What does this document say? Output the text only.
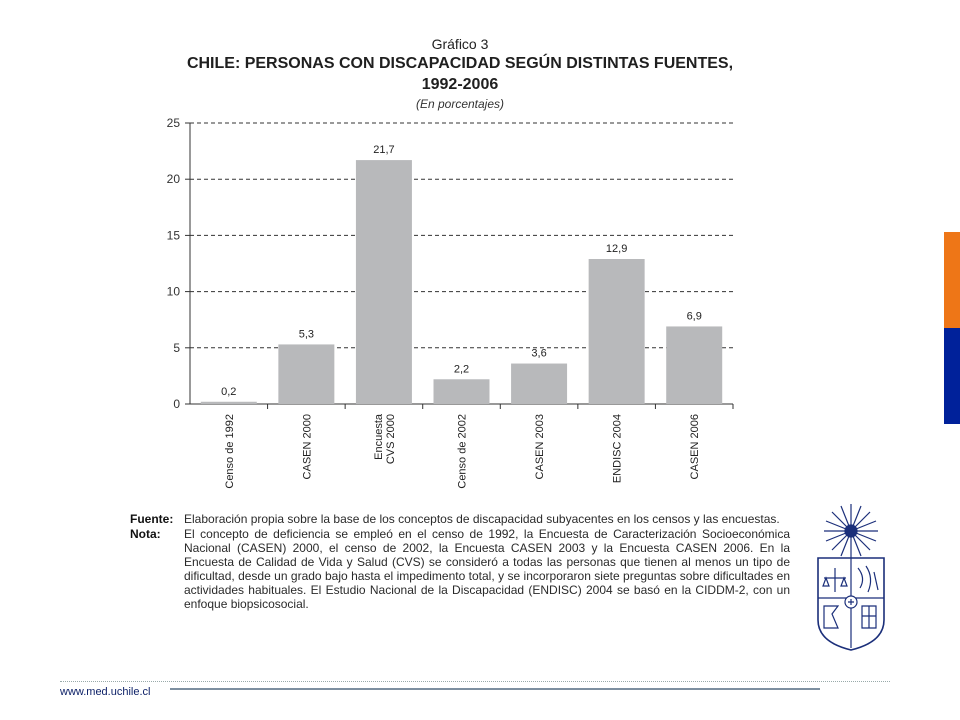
Gráfico 3
CHILE: PERSONAS CON DISCAPACIDAD SEGÚN DISTINTAS FUENTES,
1992-2006
(En porcentajes)
0
5
10
15
20
25
0,2
Censo de 1992
5,3
CASEN 2000
21,7
Encuesta CVS 2000
2,2
Censo de 2002
3,6
CASEN 2003
12,9
ENDISC 2004
6,9
CASEN 2006
Fuente: Elaboración propia sobre la base de los conceptos de discapacidad subyacentes en los censos y las encuestas.
Nota:	El concepto de deficiencia se empleó en el censo de 1992, la Encuesta de Caracterización Socioeconómica Nacional (CASEN) 2000, el censo de 2002, la Encuesta CASEN 2003 y la Encuesta CASEN 2006. En la Encuesta de Calidad de Vida y Salud (CVS) se consideró a todas las personas que tienen al menos un tipo de dificultad, desde un grado bajo hasta el impedimento total, y se incorporaron siete preguntas sobre dificultades en actividades habituales. El Estudio Nacional de la Discapacidad (ENDISC) 2004 se basó en la CIDDM-2, con un enfoque biopsicosocial.
www.med.uchile.cl
